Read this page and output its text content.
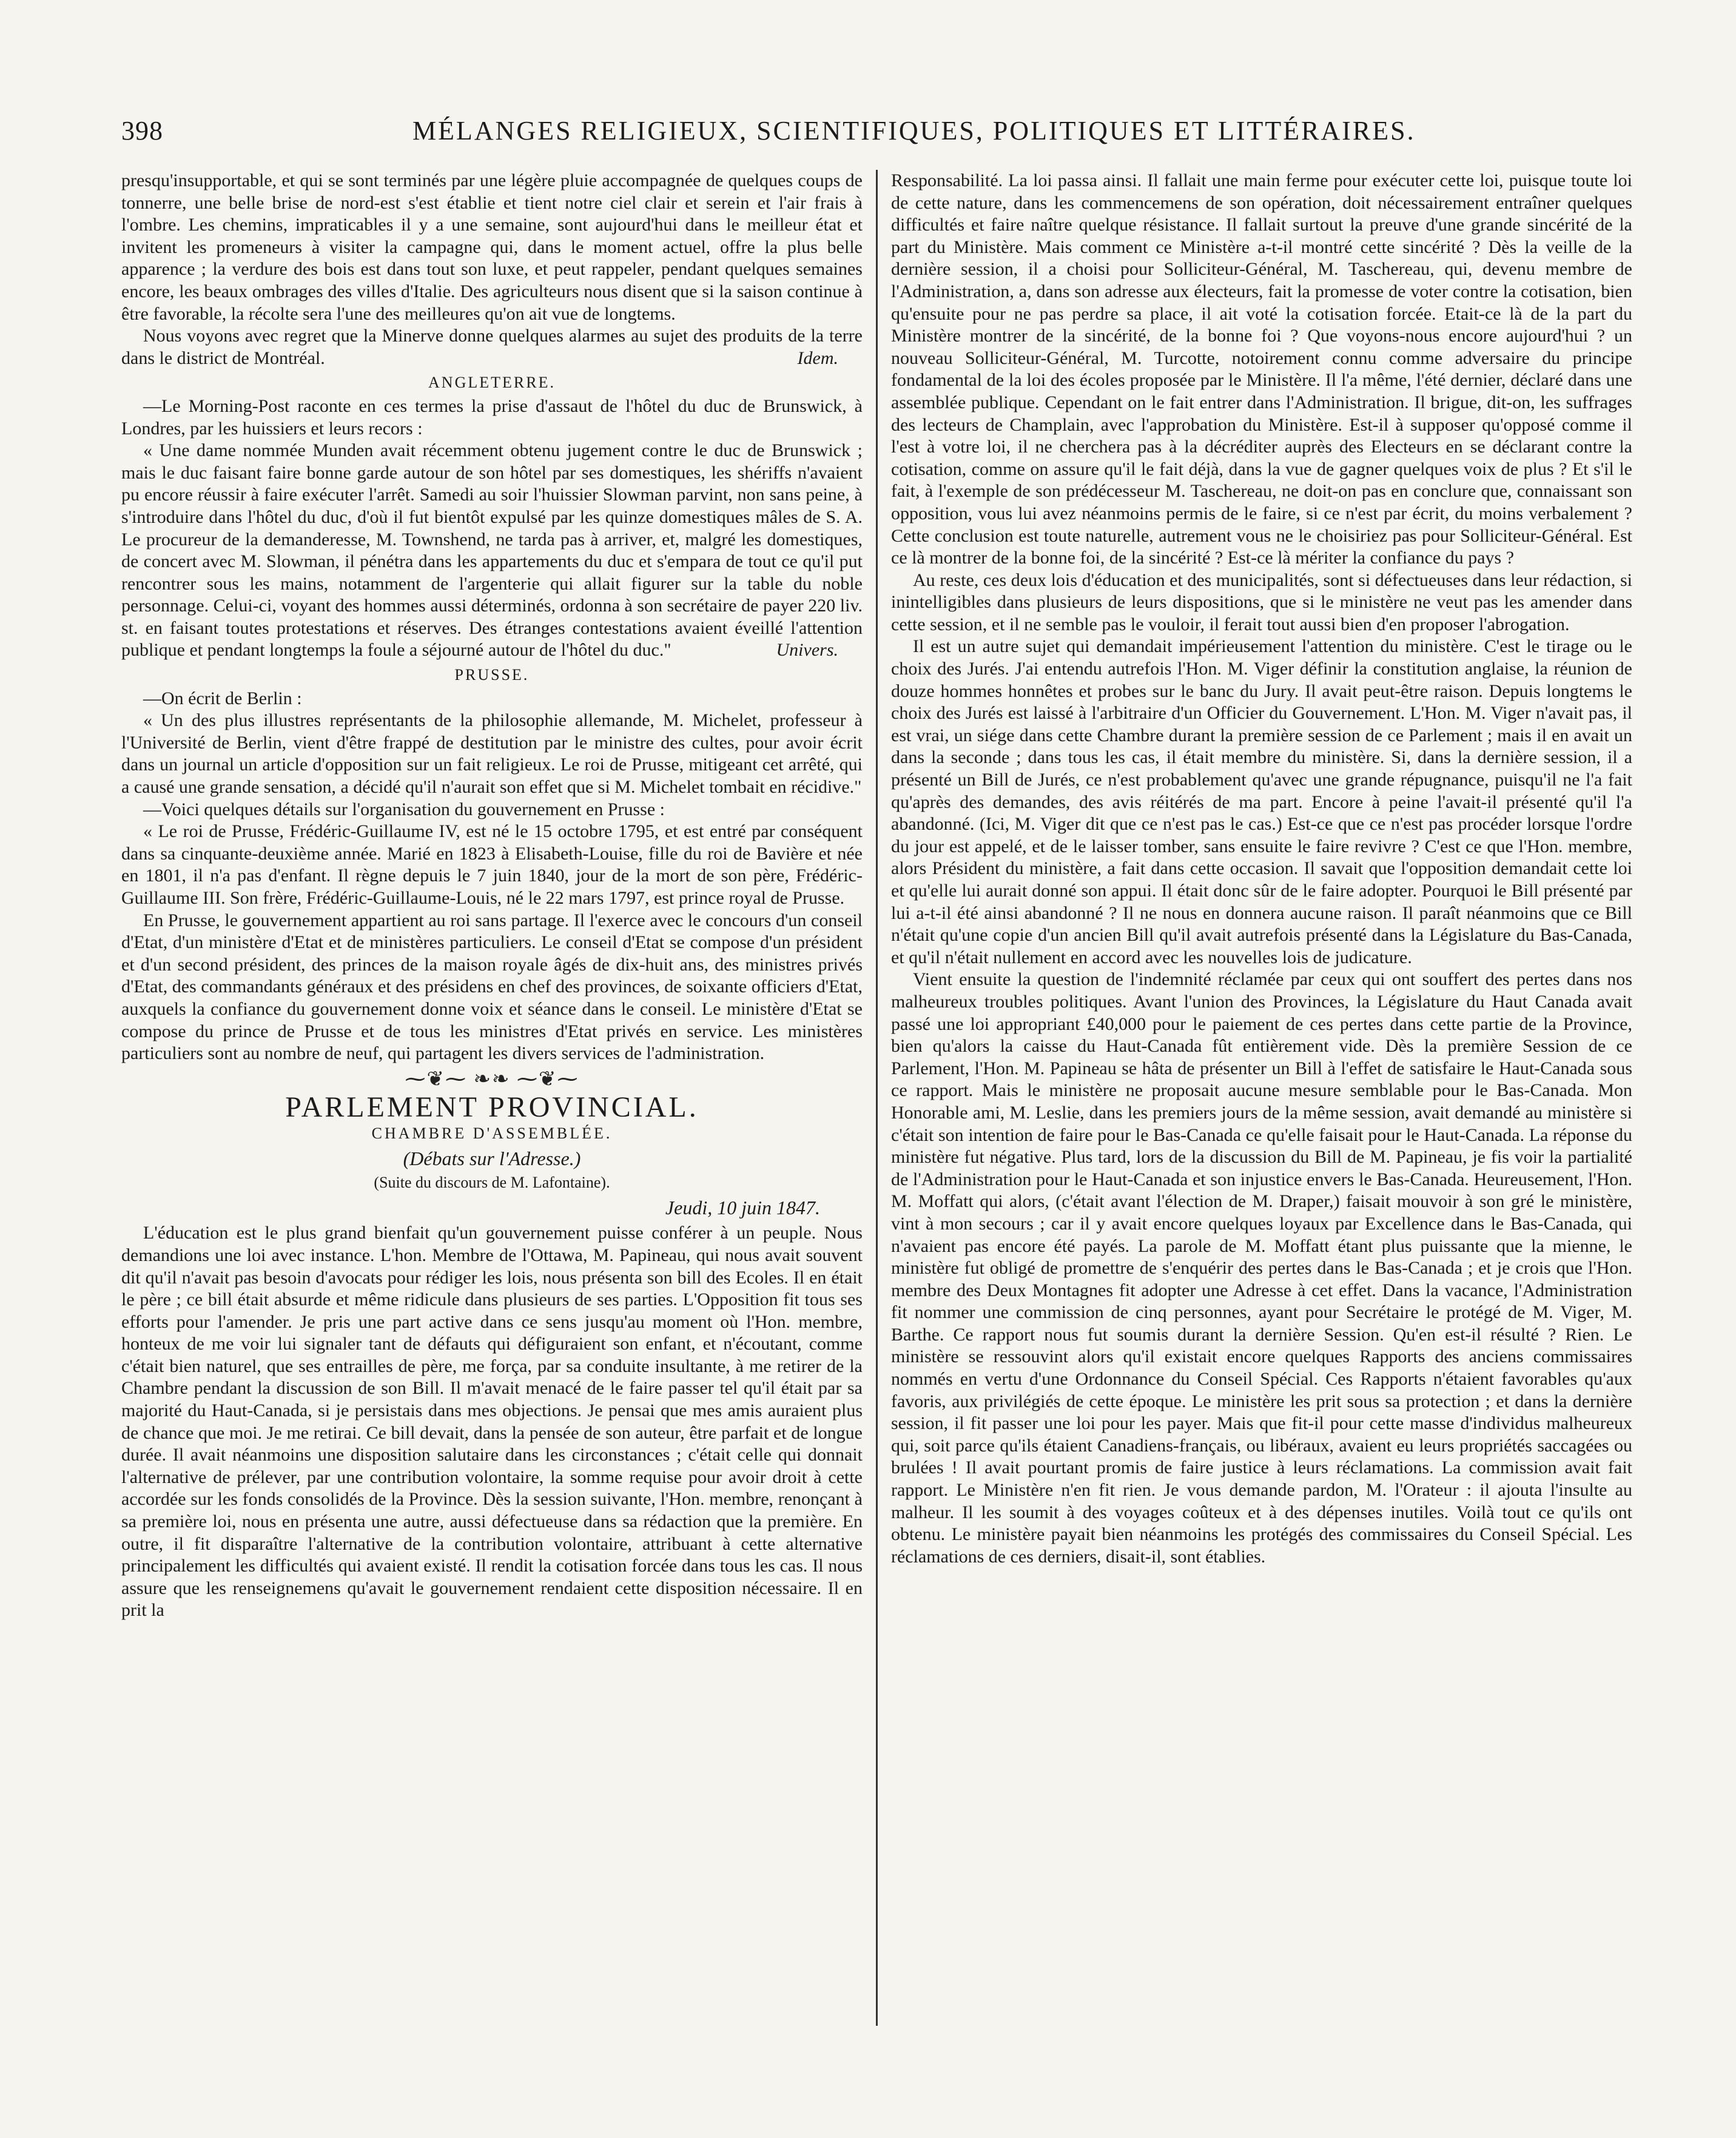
398	MÉLANGES RELIGIEUX, SCIENTIFIQUES, POLITIQUES ET LITTÉRAIRES.

presqu'insupportable, et qui se sont terminés par une légère pluie accompagnée de quelques coups de tonnerre, une belle brise de nord-est s'est établie et tient notre ciel clair et serein et l'air frais à l'ombre. Les chemins, impraticables il y a une semaine, sont aujourd'hui dans le meilleur état et invitent les promeneurs à visiter la campagne qui, dans le moment actuel, offre la plus belle apparence ; la verdure des bois est dans tout son luxe, et peut rappeler, pendant quelques semaines encore, les beaux ombrages des villes d'Italie. Des agriculteurs nous disent que si la saison continue à être favorable, la récolte sera l'une des meilleures qu'on ait vue de longtems.

Nous voyons avec regret que la Minerve donne quelques alarmes au sujet des produits de la terre dans le district de Montréal.	Idem.

ANGLETERRE.

—Le Morning-Post raconte en ces termes la prise d'assaut de l'hôtel du duc de Brunswick, à Londres, par les huissiers et leurs recors :

« Une dame nommée Munden avait récemment obtenu jugement contre le duc de Brunswick ; mais le duc faisant faire bonne garde autour de son hôtel par ses domestiques, les shériffs n'avaient pu encore réussir à faire exécuter l'arrêt. Samedi au soir l'huissier Slowman parvint, non sans peine, à s'introduire dans l'hôtel du duc, d'où il fut bientôt expulsé par les quinze domestiques mâles de S. A. Le procureur de la demanderesse, M. Townshend, ne tarda pas à arriver, et, malgré les domestiques, de concert avec M. Slowman, il pénétra dans les appartements du duc et s'empara de tout ce qu'il put rencontrer sous les mains, notamment de l'argenterie qui allait figurer sur la table du noble personnage. Celui-ci, voyant des hommes aussi déterminés, ordonna à son secrétaire de payer 220 liv. st. en faisant toutes protestations et réserves. Des étranges contestations avaient éveillé l'attention publique et pendant longtemps la foule a séjourné autour de l'hôtel du duc."	Univers.

PRUSSE.

—On écrit de Berlin :

« Un des plus illustres représentants de la philosophie allemande, M. Michelet, professeur à l'Université de Berlin, vient d'être frappé de destitution par le ministre des cultes, pour avoir écrit dans un journal un article d'opposition sur un fait religieux. Le roi de Prusse, mitigeant cet arrêté, qui a causé une grande sensation, a décidé qu'il n'aurait son effet que si M. Michelet tombait en récidive."

—Voici quelques détails sur l'organisation du gouvernement en Prusse :

« Le roi de Prusse, Frédéric-Guillaume IV, est né le 15 octobre 1795, et est entré par conséquent dans sa cinquante-deuxième année. Marié en 1823 à Elisabeth-Louise, fille du roi de Bavière et née en 1801, il n'a pas d'enfant. Il règne depuis le 7 juin 1840, jour de la mort de son père, Frédéric-Guillaume III. Son frère, Frédéric-Guillaume-Louis, né le 22 mars 1797, est prince royal de Prusse.

En Prusse, le gouvernement appartient au roi sans partage. Il l'exerce avec le concours d'un conseil d'Etat, d'un ministère d'Etat et de ministères particuliers. Le conseil d'Etat se compose d'un président et d'un second président, des princes de la maison royale âgés de dix-huit ans, des ministres privés d'Etat, des commandants généraux et des présidens en chef des provinces, de soixante officiers d'Etat, auxquels la confiance du gouvernement donne voix et séance dans le conseil. Le ministère d'Etat se compose du prince de Prusse et de tous les ministres d'Etat privés en service. Les ministères particuliers sont au nombre de neuf, qui partagent les divers services de l'administration.

⁓❦⁓ ❧❧ ⁓❦⁓
PARLEMENT PROVINCIAL.
CHAMBRE D'ASSEMBLÉE.
(Débats sur l'Adresse.)
(Suite du discours de M. Lafontaine).
Jeudi, 10 juin 1847.

L'éducation est le plus grand bienfait qu'un gouvernement puisse conférer à un peuple. Nous demandions une loi avec instance. L'hon. Membre de l'Ottawa, M. Papineau, qui nous avait souvent dit qu'il n'avait pas besoin d'avocats pour rédiger les lois, nous présenta son bill des Ecoles. Il en était le père ; ce bill était absurde et même ridicule dans plusieurs de ses parties. L'Opposition fit tous ses efforts pour l'amender. Je pris une part active dans ce sens jusqu'au moment où l'Hon. membre, honteux de me voir lui signaler tant de défauts qui défiguraient son enfant, et n'écoutant, comme c'était bien naturel, que ses entrailles de père, me força, par sa conduite insultante, à me retirer de la Chambre pendant la discussion de son Bill. Il m'avait menacé de le faire passer tel qu'il était par sa majorité du Haut-Canada, si je persistais dans mes objections. Je pensai que mes amis auraient plus de chance que moi. Je me retirai. Ce bill devait, dans la pensée de son auteur, être parfait et de longue durée. Il avait néanmoins une disposition salutaire dans les circonstances ; c'était celle qui donnait l'alternative de prélever, par une contribution volontaire, la somme requise pour avoir droit à cette accordée sur les fonds consolidés de la Province. Dès la session suivante, l'Hon. membre, renonçant à sa première loi, nous en présenta une autre, aussi défectueuse dans sa rédaction que la première. En outre, il fit disparaître l'alternative de la contribution volontaire, attribuant à cette alternative principalement les difficultés qui avaient existé. Il rendit la cotisation forcée dans tous les cas. Il nous assure que les renseignemens qu'avait le gouvernement rendaient cette disposition nécessaire. Il en prit la

Responsabilité. La loi passa ainsi. Il fallait une main ferme pour exécuter cette loi, puisque toute loi de cette nature, dans les commencemens de son opération, doit nécessairement entraîner quelques difficultés et faire naître quelque résistance. Il fallait surtout la preuve d'une grande sincérité de la part du Ministère. Mais comment ce Ministère a-t-il montré cette sincérité ? Dès la veille de la dernière session, il a choisi pour Solliciteur-Général, M. Taschereau, qui, devenu membre de l'Administration, a, dans son adresse aux électeurs, fait la promesse de voter contre la cotisation, bien qu'ensuite pour ne pas perdre sa place, il ait voté la cotisation forcée. Etait-ce là de la part du Ministère montrer de la sincérité, de la bonne foi ? Que voyons-nous encore aujourd'hui ? un nouveau Solliciteur-Général, M. Turcotte, notoirement connu comme adversaire du principe fondamental de la loi des écoles proposée par le Ministère. Il l'a même, l'été dernier, déclaré dans une assemblée publique. Cependant on le fait entrer dans l'Administration. Il brigue, dit-on, les suffrages des lecteurs de Champlain, avec l'approbation du Ministère. Est-il à supposer qu'opposé comme il l'est à votre loi, il ne cherchera pas à la décréditer auprès des Electeurs en se déclarant contre la cotisation, comme on assure qu'il le fait déjà, dans la vue de gagner quelques voix de plus ? Et s'il le fait, à l'exemple de son prédécesseur M. Taschereau, ne doit-on pas en conclure que, connaissant son opposition, vous lui avez néanmoins permis de le faire, si ce n'est par écrit, du moins verbalement ? Cette conclusion est toute naturelle, autrement vous ne le choisiriez pas pour Solliciteur-Général. Est ce là montrer de la bonne foi, de la sincérité ? Est-ce là mériter la confiance du pays ?

Au reste, ces deux lois d'éducation et des municipalités, sont si défectueuses dans leur rédaction, si inintelligibles dans plusieurs de leurs dispositions, que si le ministère ne veut pas les amender dans cette session, et il ne semble pas le vouloir, il ferait tout aussi bien d'en proposer l'abrogation.

Il est un autre sujet qui demandait impérieusement l'attention du ministère. C'est le tirage ou le choix des Jurés. J'ai entendu autrefois l'Hon. M. Viger définir la constitution anglaise, la réunion de douze hommes honnêtes et probes sur le banc du Jury. Il avait peut-être raison. Depuis longtems le choix des Jurés est laissé à l'arbitraire d'un Officier du Gouvernement. L'Hon. M. Viger n'avait pas, il est vrai, un siége dans cette Chambre durant la première session de ce Parlement ; mais il en avait un dans la seconde ; dans tous les cas, il était membre du ministère. Si, dans la dernière session, il a présenté un Bill de Jurés, ce n'est probablement qu'avec une grande répugnance, puisqu'il ne l'a fait qu'après des demandes, des avis réitérés de ma part. Encore à peine l'avait-il présenté qu'il l'a abandonné. (Ici, M. Viger dit que ce n'est pas le cas.) Est-ce que ce n'est pas procéder lorsque l'ordre du jour est appelé, et de le laisser tomber, sans ensuite le faire revivre ? C'est ce que l'Hon. membre, alors Président du ministère, a fait dans cette occasion. Il savait que l'opposition demandait cette loi et qu'elle lui aurait donné son appui. Il était donc sûr de le faire adopter. Pourquoi le Bill présenté par lui a-t-il été ainsi abandonné ? Il ne nous en donnera aucune raison. Il paraît néanmoins que ce Bill n'était qu'une copie d'un ancien Bill qu'il avait autrefois présenté dans la Législature du Bas-Canada, et qu'il n'était nullement en accord avec les nouvelles lois de judicature.

Vient ensuite la question de l'indemnité réclamée par ceux qui ont souffert des pertes dans nos malheureux troubles politiques. Avant l'union des Provinces, la Législature du Haut Canada avait passé une loi appropriant £40,000 pour le paiement de ces pertes dans cette partie de la Province, bien qu'alors la caisse du Haut-Canada fût entièrement vide. Dès la première Session de ce Parlement, l'Hon. M. Papineau se hâta de présenter un Bill à l'effet de satisfaire le Haut-Canada sous ce rapport. Mais le ministère ne proposait aucune mesure semblable pour le Bas-Canada. Mon Honorable ami, M. Leslie, dans les premiers jours de la même session, avait demandé au ministère si c'était son intention de faire pour le Bas-Canada ce qu'elle faisait pour le Haut-Canada. La réponse du ministère fut négative. Plus tard, lors de la discussion du Bill de M. Papineau, je fis voir la partialité de l'Administration pour le Haut-Canada et son injustice envers le Bas-Canada. Heureusement, l'Hon. M. Moffatt qui alors, (c'était avant l'élection de M. Draper,) faisait mouvoir à son gré le ministère, vint à mon secours ; car il y avait encore quelques loyaux par Excellence dans le Bas-Canada, qui n'avaient pas encore été payés. La parole de M. Moffatt étant plus puissante que la mienne, le ministère fut obligé de promettre de s'enquérir des pertes dans le Bas-Canada ; et je crois que l'Hon. membre des Deux Montagnes fit adopter une Adresse à cet effet. Dans la vacance, l'Administration fit nommer une commission de cinq personnes, ayant pour Secrétaire le protégé de M. Viger, M. Barthe. Ce rapport nous fut soumis durant la dernière Session. Qu'en est-il résulté ? Rien. Le ministère se ressouvint alors qu'il existait encore quelques Rapports des anciens commissaires nommés en vertu d'une Ordonnance du Conseil Spécial. Ces Rapports n'étaient favorables qu'aux favoris, aux privilégiés de cette époque. Le ministère les prit sous sa protection ; et dans la dernière session, il fit passer une loi pour les payer. Mais que fit-il pour cette masse d'individus malheureux qui, soit parce qu'ils étaient Canadiens-français, ou libéraux, avaient eu leurs propriétés saccagées ou brulées ! Il avait pourtant promis de faire justice à leurs réclamations. La commission avait fait rapport. Le Ministère n'en fit rien. Je vous demande pardon, M. l'Orateur : il ajouta l'insulte au malheur. Il les soumit à des voyages coûteux et à des dépenses inutiles. Voilà tout ce qu'ils ont obtenu. Le ministère payait bien néanmoins les protégés des commissaires du Conseil Spécial. Les réclamations de ces derniers, disait-il, sont établies.
